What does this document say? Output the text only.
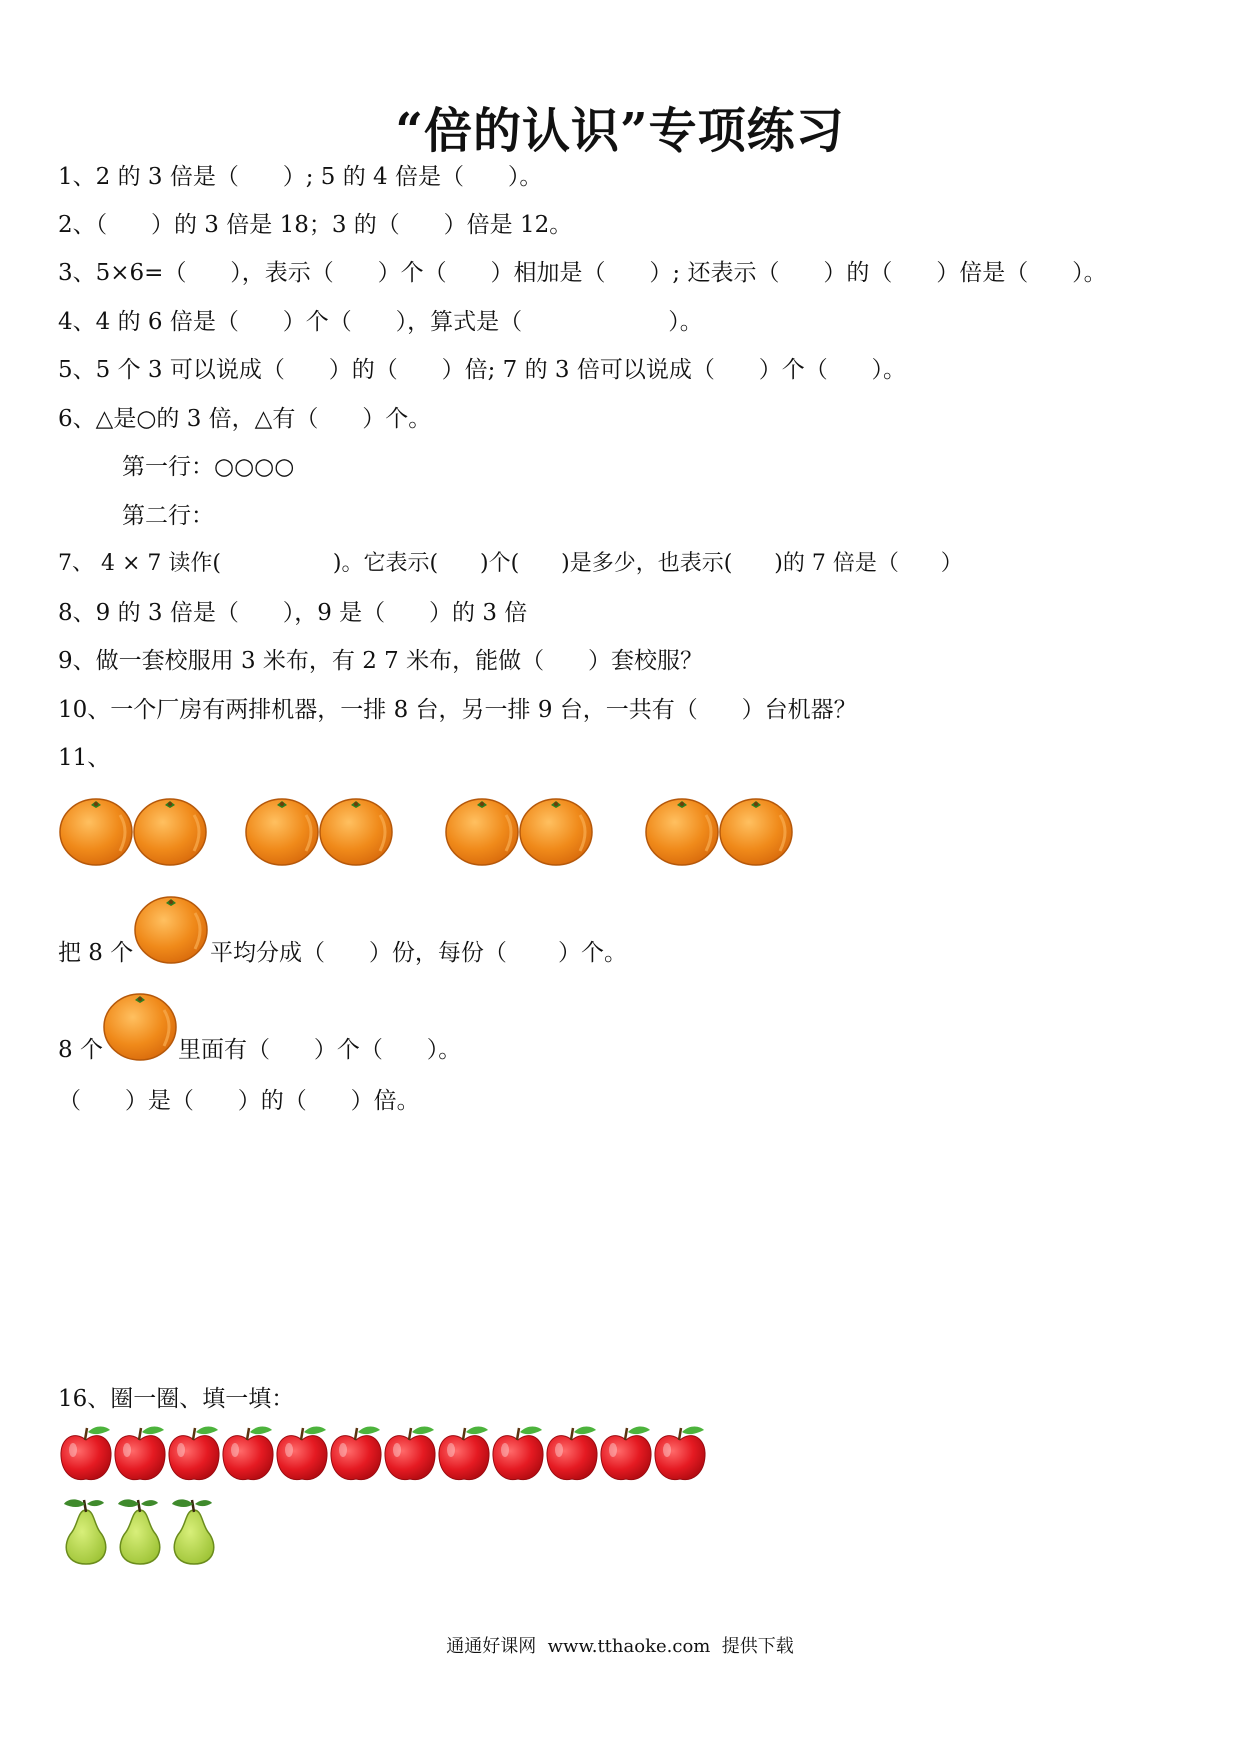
“倍的认识”专项练习
1、2 的 3 倍是（      ）; 5 的 4 倍是（      ）。
2、（      ）的 3 倍是 18；3 的（      ）倍是 12。
3、5×6=（      ），表示（      ）个（      ）相加是（      ）; 还表示（      ）的（      ）倍是（      ）。
4、4 的 6 倍是（      ）个（      ），算式是（                    ）。
5、5 个 3 可以说成（      ）的（      ）倍; 7 的 3 倍可以说成（      ）个（      ）。
6、△是○的 3 倍，△有（      ）个。
第一行：○○○○
第二行：
7、 4 × 7 读作(                )。它表示(      )个(      )是多少，也表示(      )的 7 倍是（      ）
8、9 的 3 倍是（      ），9 是（      ）的 3 倍
9、做一套校服用 3 米布，有 2 7 米布，能做（      ）套校服？
10、一个厂房有两排机器，一排 8 台，另一排 9 台，一共有（      ）台机器？
11、
把 8 个	平均分成（      ）份，每份（       ）个。
8 个	里面有（      ）个（      ）。
（      ）是（      ）的（      ）倍。
16、圈一圈、填一填：
通通好课网  www.tthaoke.com  提供下载
